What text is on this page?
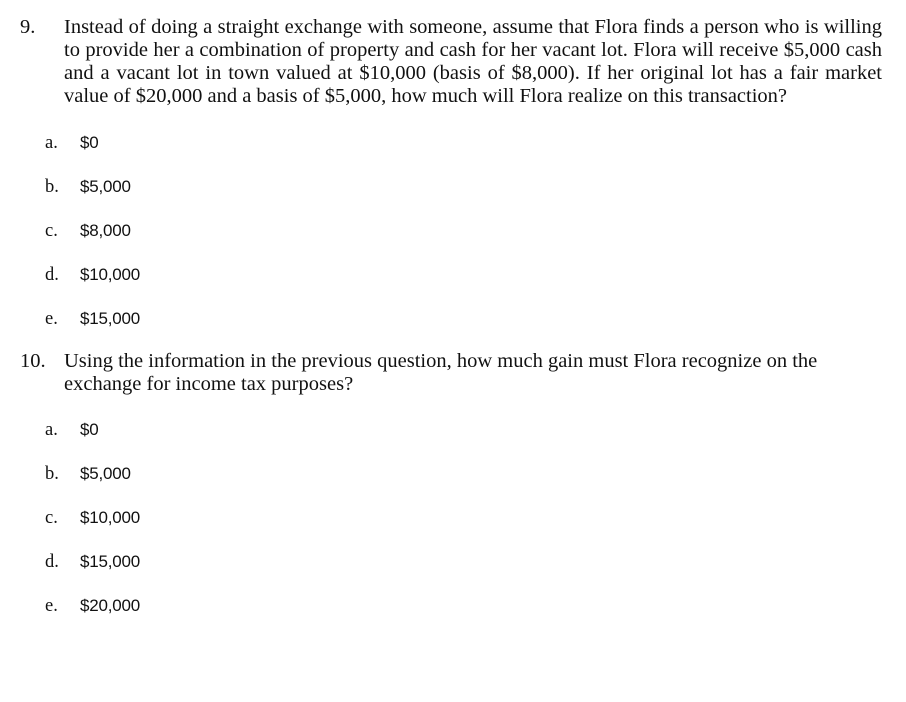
9.	Instead of doing a straight exchange with someone, assume that Flora finds a person who is willing to provide her a combination of property and cash for her vacant lot. Flora will receive $5,000 cash and a vacant lot in town valued at $10,000 (basis of $8,000). If her original lot has a fair market value of $20,000 and a basis of $5,000, how much will Flora realize on this transaction?
a.	$0
b.	$5,000
c.	$8,000
d.	$10,000
e.	$15,000
10. Using the information in the previous question, how much gain must Flora recognize on the exchange for income tax purposes?
a.	$0
b.	$5,000
c.	$10,000
d.	$15,000
e.	$20,000
